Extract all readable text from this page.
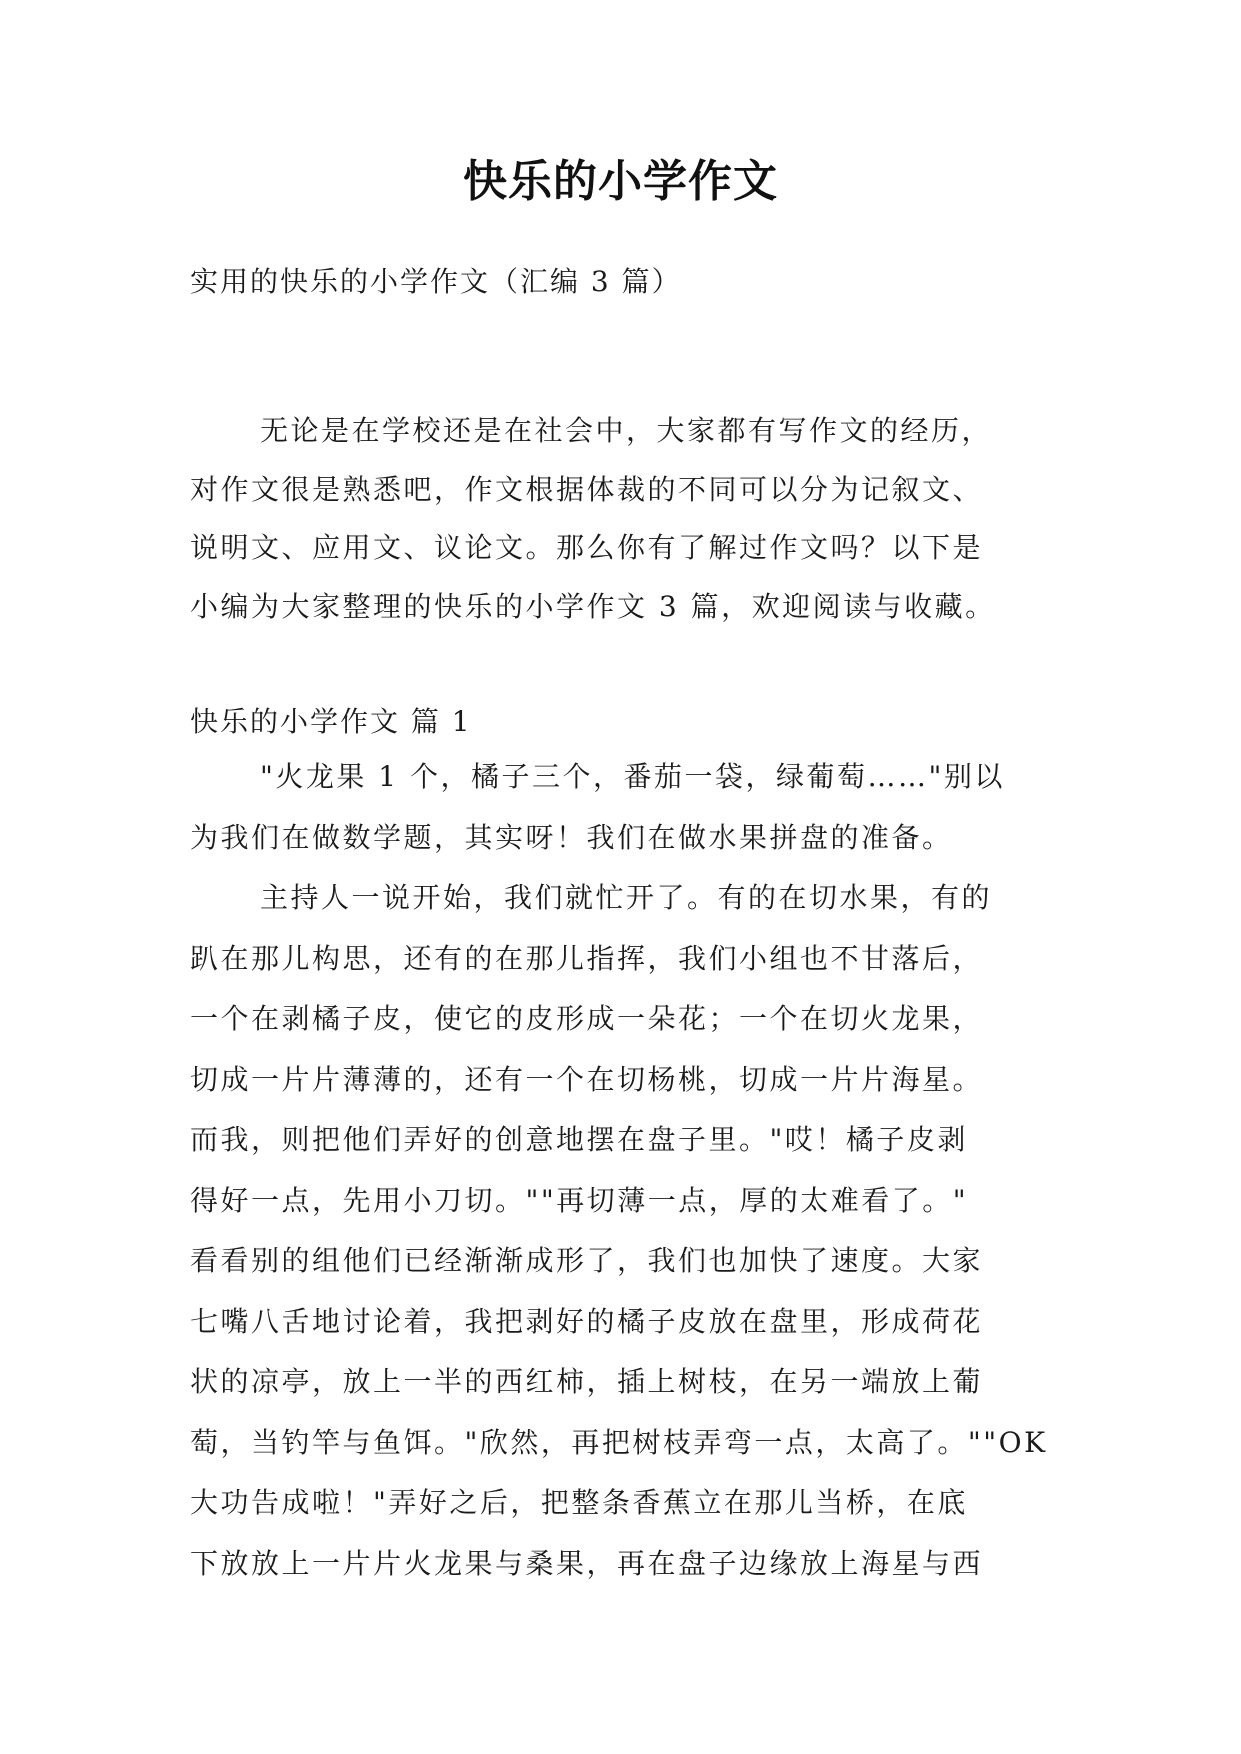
快乐的小学作文

实用的快乐的小学作文（汇编 3 篇）

无论是在学校还是在社会中，大家都有写作文的经历，
对作文很是熟悉吧，作文根据体裁的不同可以分为记叙文、
说明文、应用文、议论文。那么你有了解过作文吗？以下是
小编为大家整理的快乐的小学作文 3 篇，欢迎阅读与收藏。
快乐的小学作文 篇 1
"火龙果 1 个，橘子三个，番茄一袋，绿葡萄……"别以
为我们在做数学题，其实呀！我们在做水果拼盘的准备。
主持人一说开始，我们就忙开了。有的在切水果，有的
趴在那儿构思，还有的在那儿指挥，我们小组也不甘落后，
一个在剥橘子皮，使它的皮形成一朵花；一个在切火龙果，
切成一片片薄薄的，还有一个在切杨桃，切成一片片海星。
而我，则把他们弄好的创意地摆在盘子里。"哎！橘子皮剥
得好一点，先用小刀切。""再切薄一点，厚的太难看了。"
看看别的组他们已经渐渐成形了，我们也加快了速度。大家
七嘴八舌地讨论着，我把剥好的橘子皮放在盘里，形成荷花
状的凉亭，放上一半的西红柿，插上树枝，在另一端放上葡
萄，当钓竿与鱼饵。"欣然，再把树枝弄弯一点，太高了。""OK
大功告成啦！"弄好之后，把整条香蕉立在那儿当桥，在底
下放放上一片片火龙果与桑果，再在盘子边缘放上海星与西
